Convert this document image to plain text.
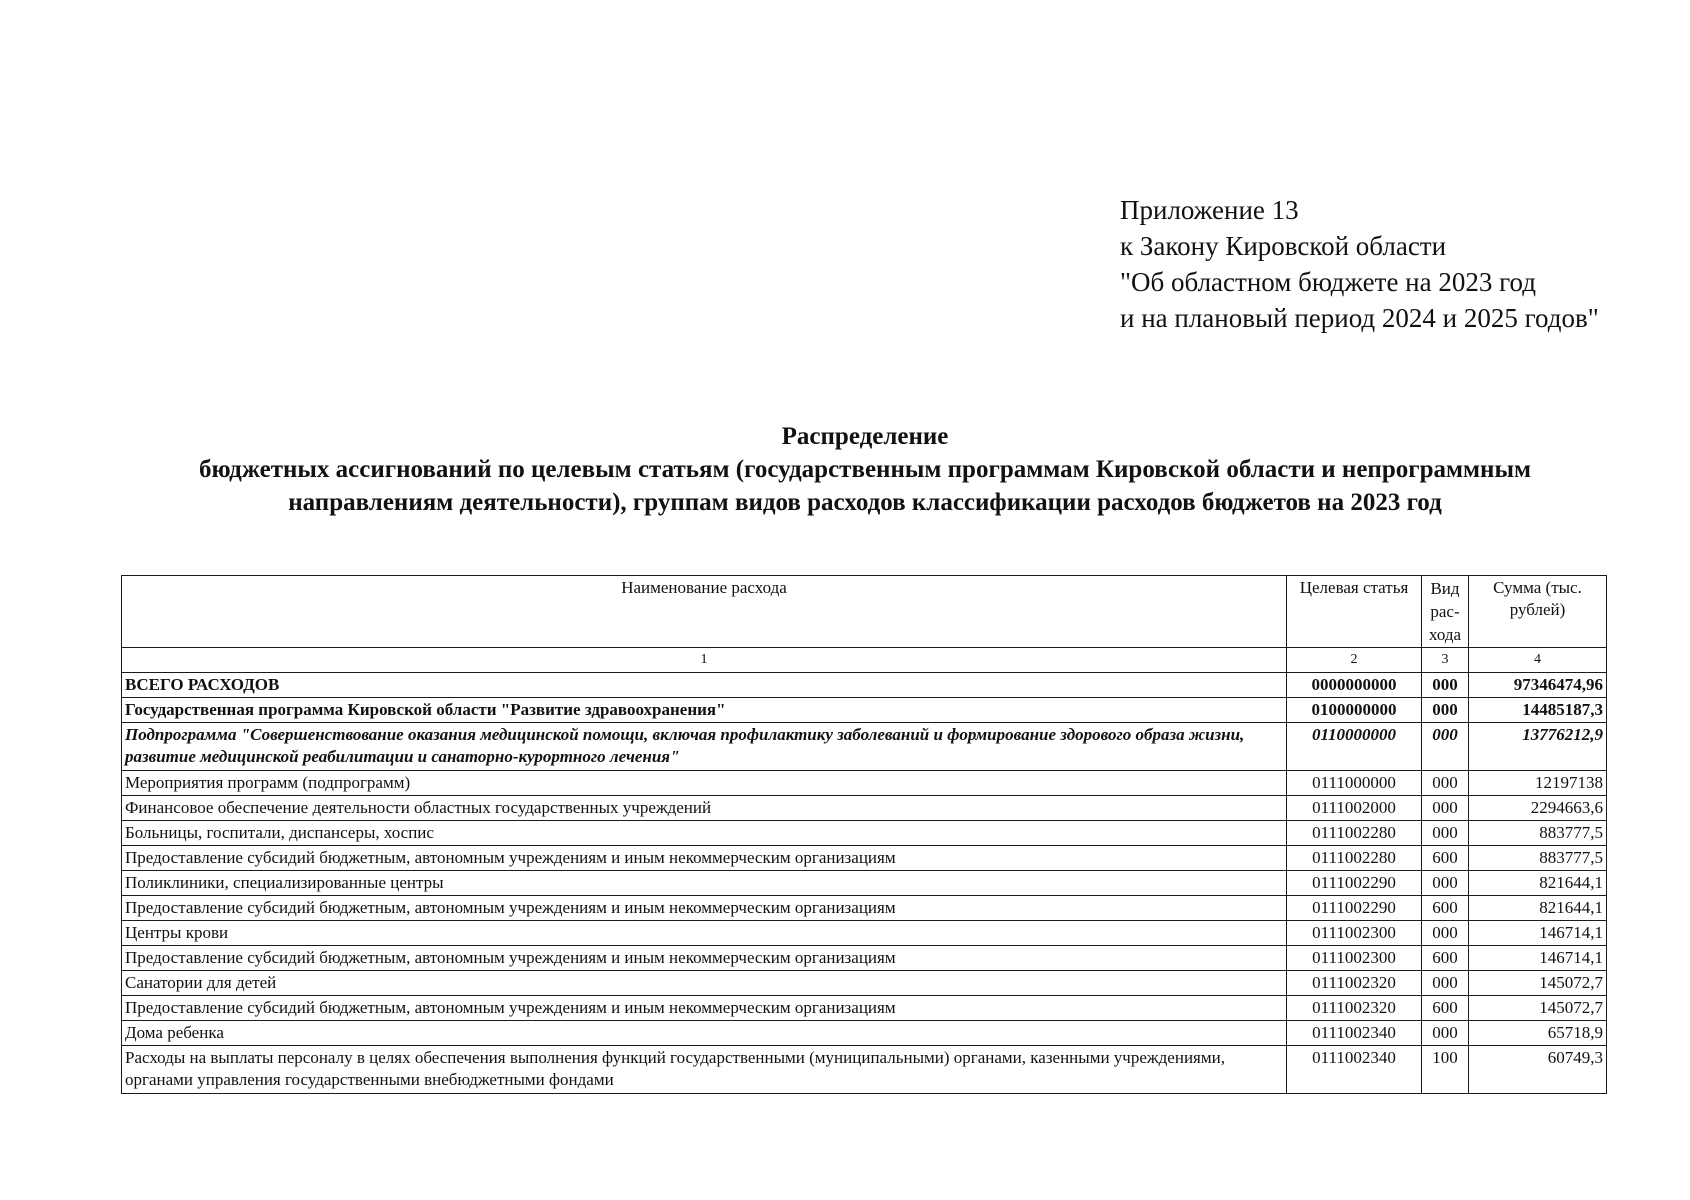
Приложение 13
к Закону Кировской области
"Об областном бюджете на 2023 год
и на плановый период 2024 и 2025 годов"
Распределение
бюджетных ассигнований по целевым статьям (государственным программам Кировской области и непрограммным
направлениям деятельности), группам видов расходов классификации расходов бюджетов на 2023 год
Наименование расхода	Целевая статья	Вид рас-хода	Сумма (тыс. рублей)
1	2	3	4
ВСЕГО РАСХОДОВ	0000000000	000	97346474,96
Государственная программа Кировской области "Развитие здравоохранения"	0100000000	000	14485187,3
Подпрограмма "Совершенствование оказания медицинской помощи, включая профилактику заболеваний и формирование здорового образа жизни, развитие медицинской реабилитации и санаторно-курортного лечения"	0110000000	000	13776212,9
Мероприятия программ (подпрограмм)	0111000000	000	12197138
Финансовое обеспечение деятельности областных государственных учреждений	0111002000	000	2294663,6
Больницы, госпитали, диспансеры, хоспис	0111002280	000	883777,5
Предоставление субсидий бюджетным, автономным учреждениям и иным некоммерческим организациям	0111002280	600	883777,5
Поликлиники, специализированные центры	0111002290	000	821644,1
Предоставление субсидий бюджетным, автономным учреждениям и иным некоммерческим организациям	0111002290	600	821644,1
Центры крови	0111002300	000	146714,1
Предоставление субсидий бюджетным, автономным учреждениям и иным некоммерческим организациям	0111002300	600	146714,1
Санатории для детей	0111002320	000	145072,7
Предоставление субсидий бюджетным, автономным учреждениям и иным некоммерческим организациям	0111002320	600	145072,7
Дома ребенка	0111002340	000	65718,9
Расходы на выплаты персоналу в целях обеспечения выполнения функций государственными (муниципальными) органами, казенными учреждениями, органами управления государственными внебюджетными фондами	0111002340	100	60749,3
